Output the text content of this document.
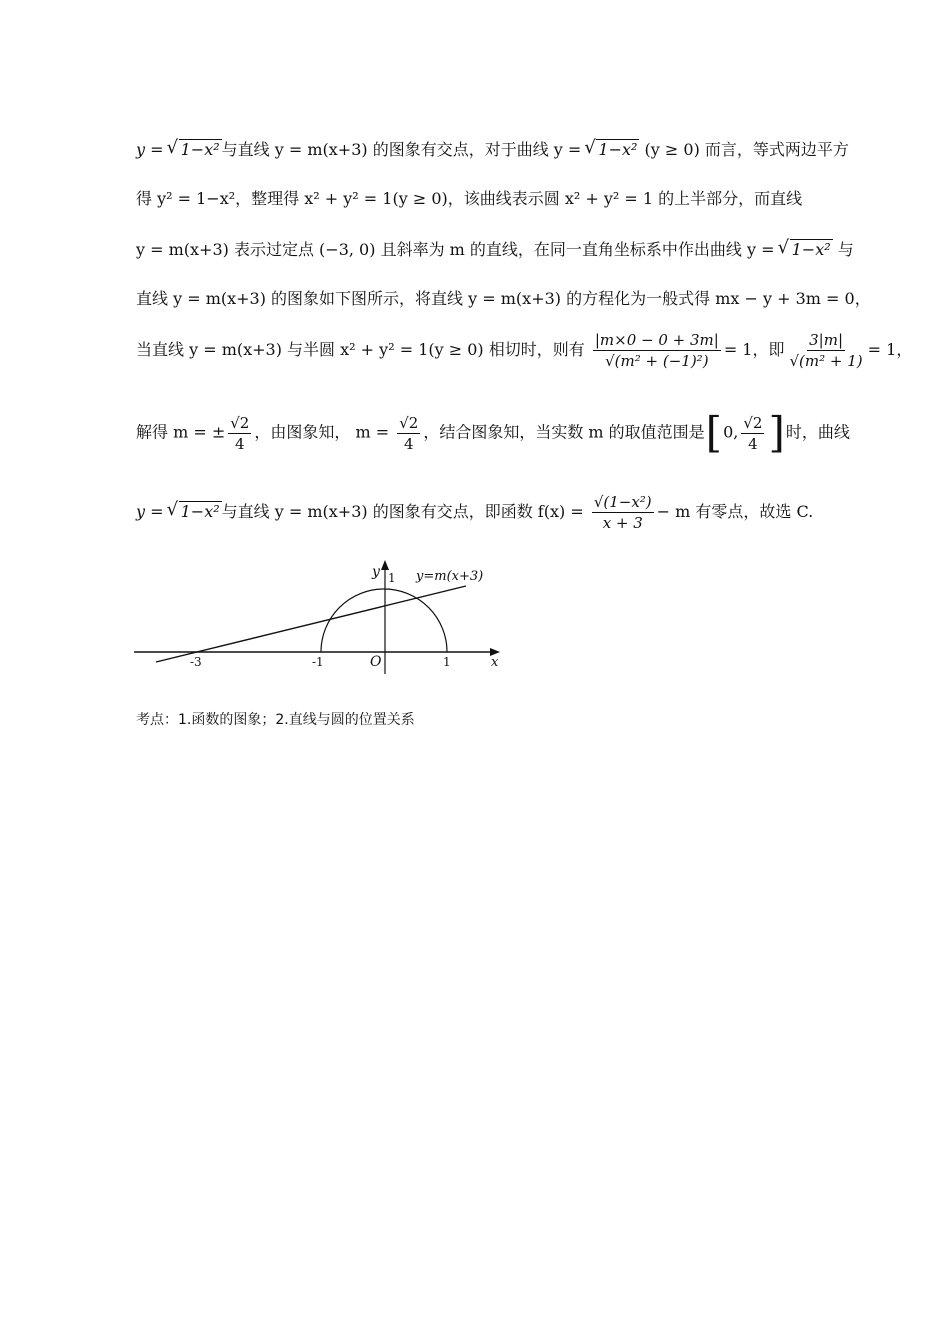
y = √ 1−x² 与直线 y = m(x+3) 的图象有交点，对于曲线 y = √ 1−x² (y ≥ 0) 而言，等式两边平方
得 y² = 1−x²，整理得 x² + y² = 1(y ≥ 0)，该曲线表示圆 x² + y² = 1 的上半部分，而直线
y = m(x+3) 表示过定点 (−3, 0) 且斜率为 m 的直线，在同一直角坐标系中作出曲线 y = √ 1−x² 与
直线 y = m(x+3) 的图象如下图所示，将直线 y = m(x+3) 的方程化为一般式得 mx − y + 3m = 0，
当直线 y = m(x+3) 与半圆 x² + y² = 1(y ≥ 0) 相切时，则有 $\frac{|m\times 0 - 0 + 3m|}{\text{√(m² + (−1)²)}} = 1$，即 $\frac{3|m|}{\text{√(m² + 1)}} = 1$，
解得 m = ± $\frac{√2}{4}$ ，由图象知， $m = \frac{√2}{4}$ ，结合图象知，当实数 m 的取值范围是[0, $\frac{√2}{4}$ ]时，曲线
y = √ 1−x² 与直线 y = m(x+3) 的图象有交点，即函数 $f(x) = \frac{\text{√(1−x²)}}{x + 3} - m$ 有零点，故选 C.
y=m(x+3)
y 1
x
O
-3	-1	1
考点：1.函数的图象；2.直线与圆的位置关系
